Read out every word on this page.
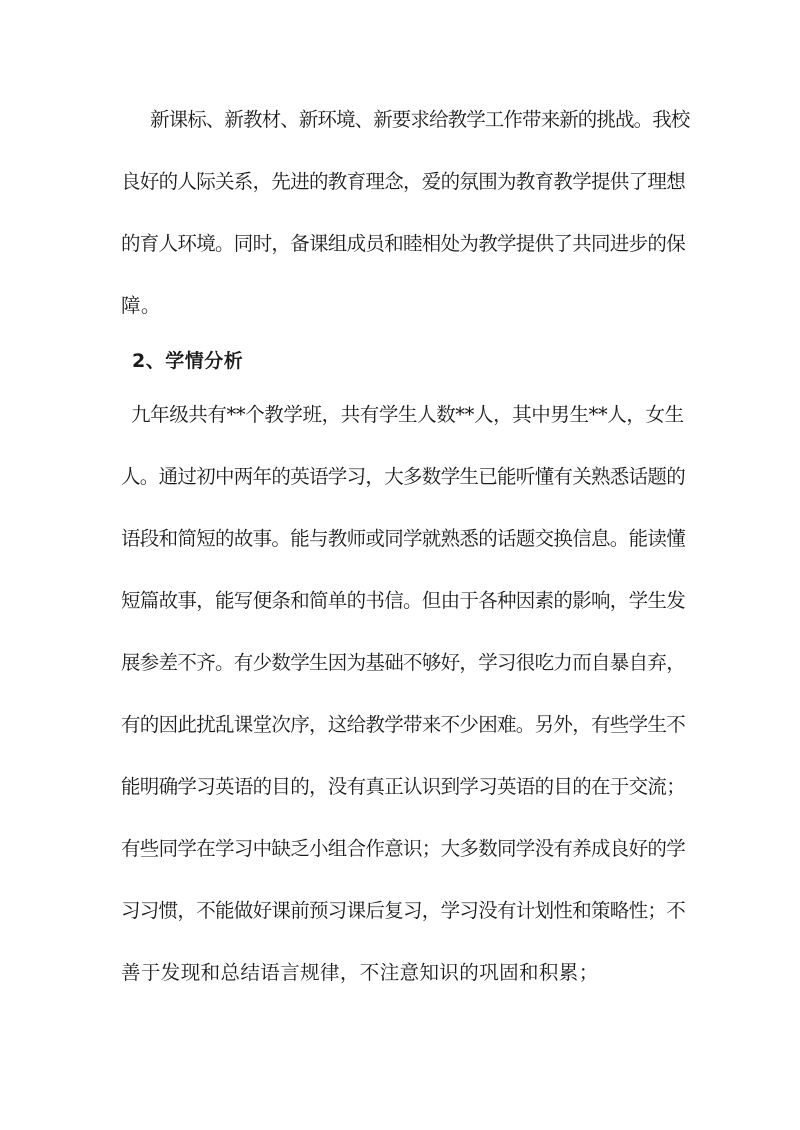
新课标、新教材、新环境、新要求给教学工作带来新的挑战。我校
良好的人际关系，先进的教育理念，爱的氛围为教育教学提供了理想
的育人环境。同时，备课组成员和睦相处为教学提供了共同进步的保
障。
2、学情分析
九年级共有**个教学班，共有学生人数**人，其中男生**人，女生
人。通过初中两年的英语学习，大多数学生已能听懂有关熟悉话题的
语段和简短的故事。能与教师或同学就熟悉的话题交换信息。能读懂
短篇故事，能写便条和简单的书信。但由于各种因素的影响，学生发
展参差不齐。有少数学生因为基础不够好，学习很吃力而自暴自弃，
有的因此扰乱课堂次序，这给教学带来不少困难。另外，有些学生不
能明确学习英语的目的，没有真正认识到学习英语的目的在于交流；
有些同学在学习中缺乏小组合作意识；大多数同学没有养成良好的学
习习惯，不能做好课前预习课后复习，学习没有计划性和策略性；不
善于发现和总结语言规律，不注意知识的巩固和积累；
